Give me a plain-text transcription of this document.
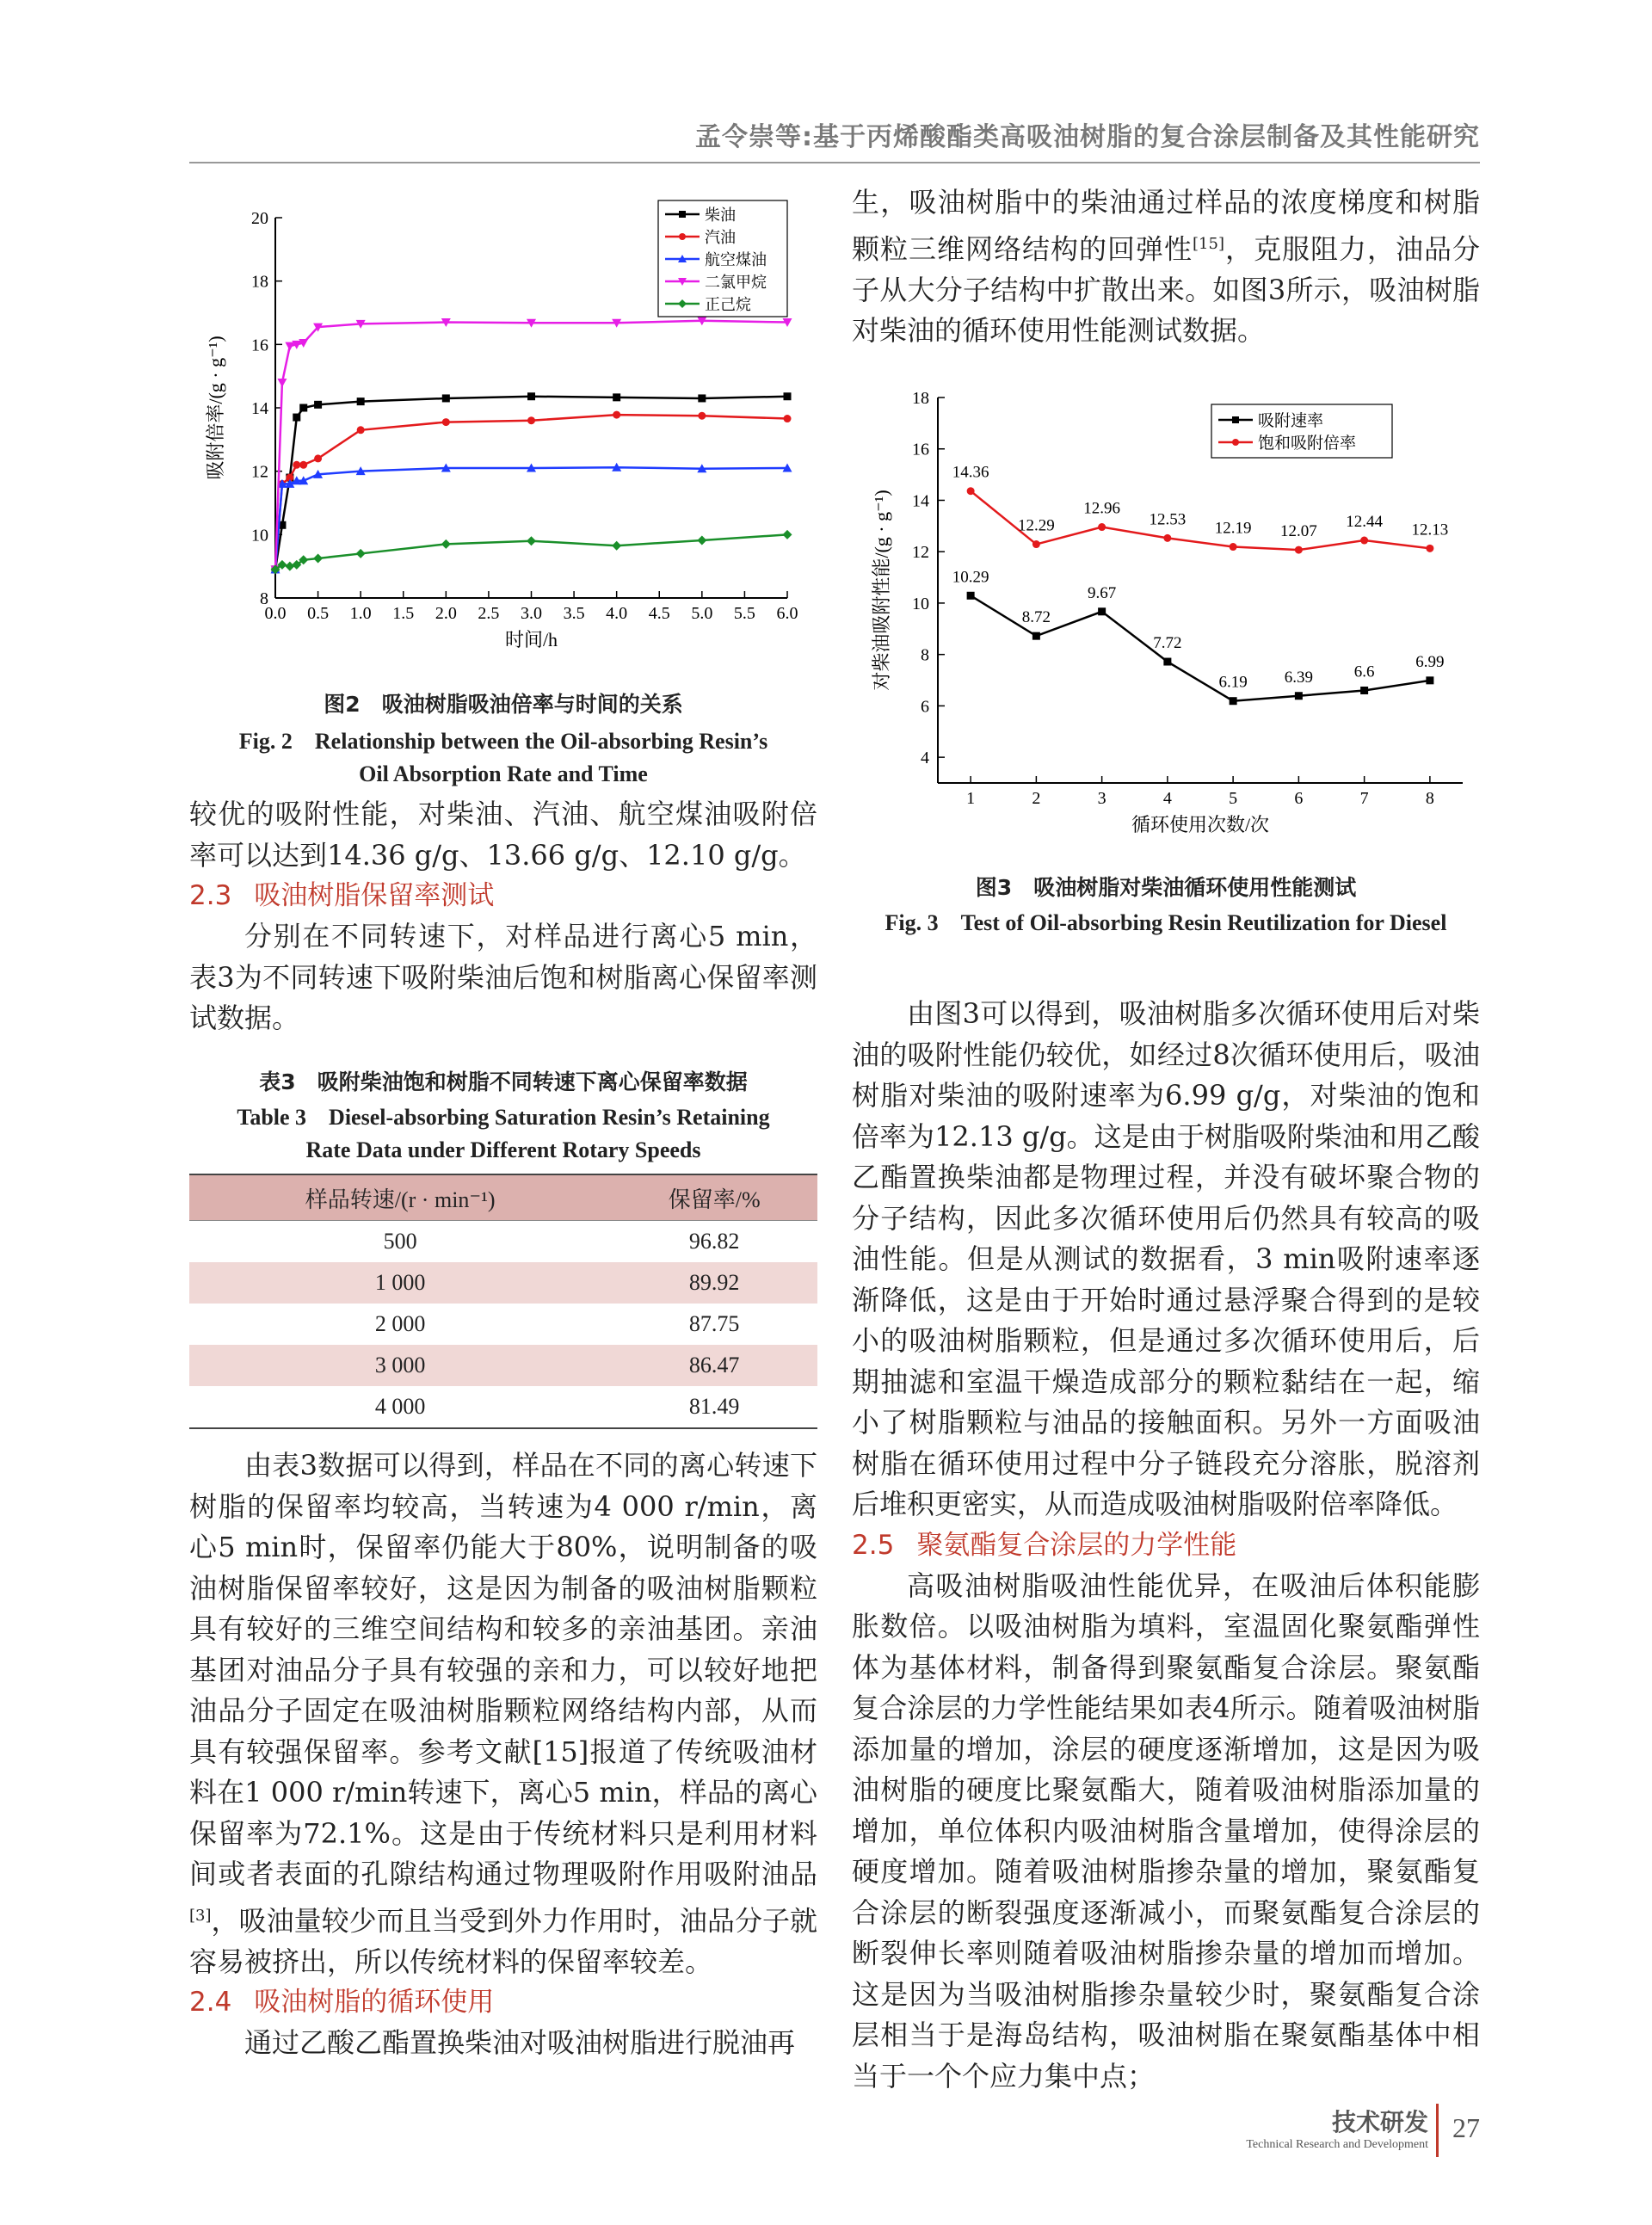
孟令崇等:基于丙烯酸酯类高吸油树脂的复合涂层制备及其性能研究
0.0 0.5 1.0 1.5 2.0 2.5 3.0 3.5 4.0 4.5 5.0 5.5 6.0
8
10
12
14
16
18
20
时间/h
吸附倍率/(g · g⁻¹)
柴油
汽油
航空煤油
二氯甲烷
正己烷
图2　吸油树脂吸油倍率与时间的关系
Fig. 2　Relationship between the Oil-absorbing Resin’s
Oil Absorption Rate and Time

较优的吸附性能，对柴油、汽油、航空煤油吸附倍率可以达到14.36 g/g、13.66 g/g、12.10 g/g。

2.3 吸油树脂保留率测试

分别在不同转速下，对样品进行离心5 min，表3为不同转速下吸附柴油后饱和树脂离心保留率测试数据。

表3　吸附柴油饱和树脂不同转速下离心保留率数据
Table 3　Diesel-absorbing Saturation Resin’s Retaining
Rate Data under Different Rotary Speeds
样品转速/(r · min⁻¹)	保留率/%
500	96.82
1 000	89.92
2 000	87.75
3 000	86.47
4 000	81.49

由表3数据可以得到，样品在不同的离心转速下树脂的保留率均较高，当转速为4 000 r/min，离心5 min时，保留率仍能大于80%，说明制备的吸油树脂保留率较好，这是因为制备的吸油树脂颗粒具有较好的三维空间结构和较多的亲油基团。亲油基团对油品分子具有较强的亲和力，可以较好地把油品分子固定在吸油树脂颗粒网络结构内部，从而具有较强保留率。参考文献[15]报道了传统吸油材料在1 000 r/min转速下，离心5 min，样品的离心保留率为72.1%。这是由于传统材料只是利用材料间或者表面的孔隙结构通过物理吸附作用吸附油品[3]，吸油量较少而且当受到外力作用时，油品分子就容易被挤出，所以传统材料的保留率较差。

2.4 吸油树脂的循环使用

通过乙酸乙酯置换柴油对吸油树脂进行脱油再

生，吸油树脂中的柴油通过样品的浓度梯度和树脂颗粒三维网络结构的回弹性[15]，克服阻力，油品分子从大分子结构中扩散出来。如图3所示，吸油树脂对柴油的循环使用性能测试数据。

1	2	3	4	5	6	7	8
4
6
8
10
12
14
16
18
循环使用次数/次
对柴油吸附性能/(g · g⁻¹)	10.29
8.72
9.67
7.72
6.19 6.39	6.6
6.99
14.36
12.29
12.96
12.53 12.19 12.07
12.44 12.13
吸附速率
饱和吸附倍率
图3　吸油树脂对柴油循环使用性能测试
Fig. 3　Test of Oil-absorbing Resin Reutilization for Diesel

由图3可以得到，吸油树脂多次循环使用后对柴油的吸附性能仍较优，如经过8次循环使用后，吸油树脂对柴油的吸附速率为6.99 g/g，对柴油的饱和倍率为12.13 g/g。这是由于树脂吸附柴油和用乙酸乙酯置换柴油都是物理过程，并没有破坏聚合物的分子结构，因此多次循环使用后仍然具有较高的吸油性能。但是从测试的数据看，3 min吸附速率逐渐降低，这是由于开始时通过悬浮聚合得到的是较小的吸油树脂颗粒，但是通过多次循环使用后，后期抽滤和室温干燥造成部分的颗粒黏结在一起，缩小了树脂颗粒与油品的接触面积。另外一方面吸油树脂在循环使用过程中分子链段充分溶胀，脱溶剂后堆积更密实，从而造成吸油树脂吸附倍率降低。

2.5 聚氨酯复合涂层的力学性能

高吸油树脂吸油性能优异，在吸油后体积能膨胀数倍。以吸油树脂为填料，室温固化聚氨酯弹性体为基体材料，制备得到聚氨酯复合涂层。聚氨酯复合涂层的力学性能结果如表4所示。随着吸油树脂添加量的增加，涂层的硬度逐渐增加，这是因为吸油树脂的硬度比聚氨酯大，随着吸油树脂添加量的增加，单位体积内吸油树脂含量增加，使得涂层的硬度增加。随着吸油树脂掺杂量的增加，聚氨酯复合涂层的断裂强度逐渐减小，而聚氨酯复合涂层的断裂伸长率则随着吸油树脂掺杂量的增加而增加。这是因为当吸油树脂掺杂量较少时，聚氨酯复合涂层相当于是海岛结构，吸油树脂在聚氨酯基体中相当于一个个应力集中点；

技术研发
Technical Research and Development
27
